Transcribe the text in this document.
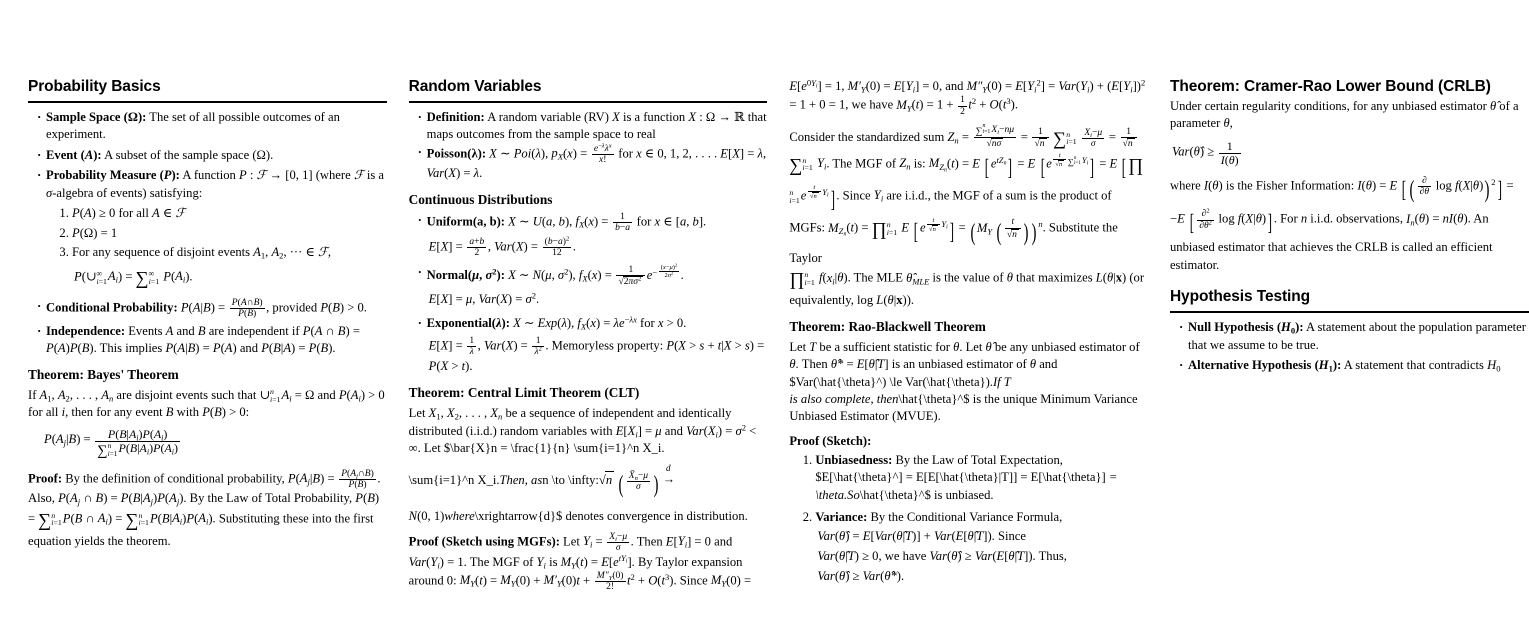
Probability Basics
· Sample Space (Ω): The set of all possible outcomes of an experiment.
· Event (A): A subset of the sample space (Ω).
· Probability Measure (P): A function P : ℱ → [0, 1] (where ℱ is a σ-algebra of events) satisfying:
1. P(A) ≥ 0 for all A ∈ ℱ
2. P(Ω) = 1
3. For any sequence of disjoint events $A_1$, $A_2$, ··· ∈ ℱ,
P(∪ ∞
i=1 $A_i$) = ∑ ∞
i=1 $P(A_i)$.
· Conditional Probability: $P(A|B) = \frac{P(A\cap B)}{P(B)}$ , provided P(B) > 0.
· Independence: Events A and B are independent if P(A ∩ B) = P(A)P(B). This implies P(A|B) = P(A) and P(B|A) = P(B).
Theorem: Bayes' Theorem

If $A_1$, $A_2$, . . . , $A_n$ are disjoint events such that ∪ n
i=1 $A_i = \Omega$ and $P(A_i) > 0$ for all i, then for any event B with P(B) > 0:

$P(A_j|B) = P(B|A_i)P(A_i)$
∑ n
i=1 $P(B|A_i)P(A_i)$

Proof: By the definition of conditional probability, $P(A_j|B) = \frac{P(A_j\cap B)}{P(B)}$ . Also, $P(A_j$ ∩ $B) = P(B|A_j)P(A_j)$. By the Law of Total Probability, P(B) = ∑ n
i=1 P(B ∩ $A_i$) = ∑ n
i=1 $P(B|A_i)P(A_i)$. Substituting these into the first equation yields the theorem.

Random Variables
· Definition: A random variable (RV) X is a function X : Ω → ℝ that maps outcomes from the sample space to real
· Poisson(λ): X ∼ Poi(λ), $p_X(x) = \frac{e^{-\lambda}\lambda^x}{x!}$ for x ∈ 0, 1, 2, . . . . E[X] = λ, Var(X) = λ.
Continuous Distributions
· Uniform(a, b): X ∼ U(a, b), $f_X(x) = \frac{1}{b-a}$ for x ∈ [a, b].
$E[X] = \frac{a+b}{2}$ , $Var(X) = \frac{(b-a)^2}{12}$ .
· Normal(μ, $\sigma^2$): X ∼ N(μ, $\sigma^2$), $f_X(x) = \frac{1}{√2\pi\sigma^2} e^{- \frac{(x-\mu)^2}{2\sigma^2}}$ .
E[X] = μ, $Var(X) = \sigma^2$.
· Exponential(λ): X ∼ Exp(λ), $f_X(x) = \lambda e^{-\lambda x}$ for x > 0.
$E[X] = \frac{1}{\lambda}$ , $Var(X) = \frac{1}{\lambda^2}$ . Memoryless property: P(X > s + t|X > s) = P(X > t).
Theorem: Central Limit Theorem (CLT)

Let $X_1$, $X_2$, . . . , $X_n$ be a sequence of independent and identically distributed (i.i.d.) random variables with $E[X_i] = \mu$ and $Var(X_i) = \sigma^2$ < ∞. Let $\bar{X}n = \frac{1}{n} \sum{i=1}^n X_i.

\sum{i=1}^n X_i.Then, asn \to \infty:√n ( $\frac{X̄_n-\mu}{\sigma}$ ) d
→

N(0, 1)where\xrightarrow{d}$ denotes convergence in distribution.

Proof (Sketch using MGFs): Let $Y_i = \frac{X_i-\mu}{\sigma}$ . Then $E[Y_i] = 0$ and $Var(Y_i) = 1$. The MGF of $Y_i$ is $M_Y(t) = E[e^{tY_i}]$. By Taylor expansion around 0: $M_Y(t) = M_Y(0) + M'_Y(0)t + \frac{M''_Y(0)}{2!} t^2 + O(t^3)$. Since $M_Y(0) = E[e^{0Y_i}] = 1$, $M'_Y(0) = E[Y_i] = 0$, and $M''_Y(0) = E[Y_i^2] = Var(Y_i) + (E[Y_i])^2 = 1 + 0 = 1$, we have $M_Y(t) = 1 + \frac{1}{2} t^2 + O(t^3)$.

Consider the standardized sum $Z_n$ = ∑ n
i=1 $X_i-n\mu$
$√n\sigma = \frac{1}{√n}$ ∑ n
i=1
$\frac{X_i-\mu}{\sigma} = \frac{1}{√n}$
∑ n
i=1 $Y_i$. The MGF of $Z_n$ is: $M_{Z_n}(t) = E$ [ $e^{tZ_n}] = E$ [ e $^{\frac{t}{√n} \sum n i=1 Y_i}$] = E [∏
n
i=1 e $^{\frac{t}{√n} Y_i}$] . Since $Y_i$ are i.i.d., the MGF of a sum is the product of MGFs: $M_{Z_n}(t)$ = ∏ n
i=1 E [ e $^{\frac{t}{√n} Y_i}$] = ( $M_Y$ ( $\frac{t}{√n}$ ) ) $^n$. Substitute the Taylor

∏ n
i=1 $f(x_i|\theta)$. The MLE $\thetâ_{MLE}$ is the value of θ that maximizes L(θ|x) (or equivalently, log L(θ|x)).

Theorem: Rao-Blackwell Theorem

Let T be a sufficient statistic for θ. Let θ̂ be any unbiased estimator of θ. Then θ̂* = E[θ̂|T] is an unbiased estimator of θ and $Var(\hat{\theta}^) \le Var(\hat{\theta}).If T

is also complete, then\hat{\theta}^$ is the unique Minimum Variance Unbiased Estimator (MVUE).

Proof (Sketch):
1. Unbiasedness: By the Law of Total Expectation, $E[\hat{\theta}^] = E[E[\hat{\theta}|T]] = E[\hat{\theta}] = \theta.So\hat{\theta}^$ is unbiased.
2. Variance: By the Conditional Variance Formula,
Var(θ̂) = E[Var(θ̂|T)] + Var(E[θ̂|T]). Since
Var(θ̂|T) ≥ 0, we have Var(θ̂) ≥ Var(E[θ̂|T]). Thus,
Var(θ̂) ≥ Var(θ̂*).
Theorem: Cramer-Rao Lower Bound (CRLB)

Under certain regularity conditions, for any unbiased estimator θ̂ of a parameter θ,

Var(θ̂) ≥ $\frac{1}{I(\theta)}$

where I(θ) is the Fisher Information: I(θ) = E [ ( $\frac{\partial}{\partial\theta}$ log f(X|θ)) $^2$] = −E [ $\frac{\partial^2}{\partial\theta^2}$ log f(X|θ)] . For n i.i.d. observations, $I_n(\theta) = nI(\theta)$. An unbiased estimator that achieves the CRLB is called an efficient estimator.

Hypothesis Testing
· Null Hypothesis $(H_0)$: A statement about the population parameter that we assume to be true.
· Alternative Hypothesis $(H_1)$: A statement that contradicts $H_0$
